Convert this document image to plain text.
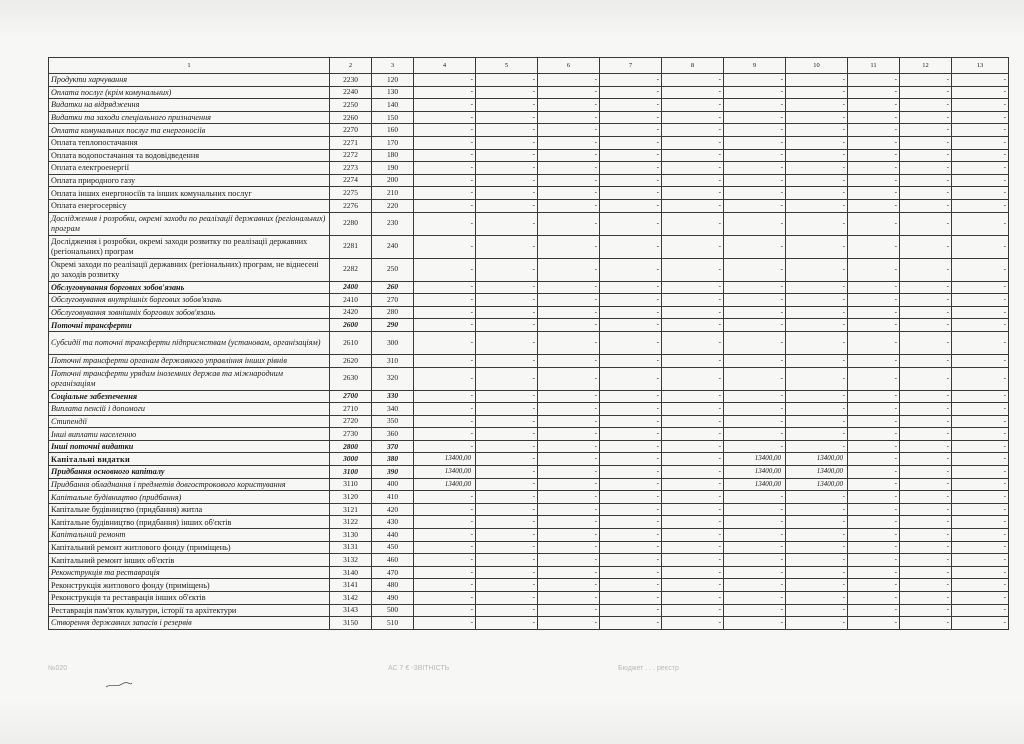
1	2	3	4	5	6	7	8	9	10	11	12	13
Продукти харчування	2230	120	-	-	-	-	-	-	-	-	-	-
Оплата послуг (крім комунальних)	2240	130	-	-	-	-	-	-	-	-	-	-
Видатки на відрядження	2250	140	-	-	-	-	-	-	-	-	-	-
Видатки та заходи спеціального призначення	2260	150	-	-	-	-	-	-	-	-	-	-
Оплата комунальних послуг та енергоносіїв	2270	160	-	-	-	-	-	-	-	-	-	-
Оплата теплопостачання	2271	170	-	-	-	-	-	-	-	-	-	-
Оплата водопостачання та водовідведення	2272	180	-	-	-	-	-	-	-	-	-	-
Оплата електроенергії	2273	190	-	-	-	-	-	-	-	-	-	-
Оплата природного газу	2274	200	-	-	-	-	-	-	-	-	-	-
Оплата інших енергоносіїв та інших комунальних послуг	2275	210	-	-	-	-	-	-	-	-	-	-
Оплата енергосервісу	2276	220	-	-	-	-	-	-	-	-	-	-
Дослідження і розробки, окремі заходи по реалізації державних (регіональних) програм	2280	230	-	-	-	-	-	-	-	-	-	-
Дослідження і розробки, окремі заходи розвитку по реалізації державних (регіональних) програм	2281	240	-	-	-	-	-	-	-	-	-	-
Окремі заходи по реалізації державних (регіональних) програм, не віднесені до заходів розвитку	2282	250	-	-	-	-	-	-	-	-	-	-
Обслуговування боргових зобов'язань	2400	260	-	-	-	-	-	-	-	-	-	-
Обслуговування внутрішніх боргових зобов'язань	2410	270	-	-	-	-	-	-	-	-	-	-
Обслуговування зовнішніх боргових зобов'язань	2420	280	-	-	-	-	-	-	-	-	-	-
Поточні трансферти	2600	290	-	-	-	-	-	-	-	-	-	-
Субсидії та поточні трансферти підприємствам (установам, організаціям)	2610	300	-	-	-	-	-	-	-	-	-	-
Поточні трансферти органам державного управління інших рівнів	2620	310	-	-	-	-	-	-	-	-	-	-
Поточні трансферти урядам іноземних держав та міжнародним організаціям	2630	320	-	-	-	-	-	-	-	-	-	-
Соціальне забезпечення	2700	330	-	-	-	-	-	-	-	-	-	-
Виплата пенсій і допомоги	2710	340	-	-	-	-	-	-	-	-	-	-
Стипендії	2720	350	-	-	-	-	-	-	-	-	-	-
Інші виплати населенню	2730	360	-	-	-	-	-	-	-	-	-	-
Інші поточні видатки	2800	370	-	-	-	-	-	-	-	-	-	-
Капітальні видатки	3000	380	13400,00	-	-	-	-	13400,00	13400,00	-	-	-
Придбання основного капіталу	3100	390	13400,00	-	-	-	-	13400,00	13400,00	-	-	-
Придбання обладнання і предметів довгострокового користування	3110	400	13400,00	-	-	-	-	13400,00	13400,00	-	-	-
Капітальне будівництво (придбання)	3120	410	-	-	-	-	-	-	-	-	-	-
Капітальне будівництво (придбання) житла	3121	420	-	-	-	-	-	-	-	-	-	-
Капітальне будівництво (придбання) інших об'єктів	3122	430	-	-	-	-	-	-	-	-	-	-
Капітальний ремонт	3130	440	-	-	-	-	-	-	-	-	-	-
Капітальний ремонт житлового фонду (приміщень)	3131	450	-	-	-	-	-	-	-	-	-	-
Капітальний ремонт інших об'єктів	3132	460	-	-	-	-	-	-	-	-	-	-
Реконструкція та реставрація	3140	470	-	-	-	-	-	-	-	-	-	-
Реконструкція житлового фонду (приміщень)	3141	480	-	-	-	-	-	-	-	-	-	-
Реконструкція та реставрація інших об'єктів	3142	490	-	-	-	-	-	-	-	-	-	-
Реставрація пам'яток культури, історії та архітектури	3143	500	-	-	-	-	-	-	-	-	-	-
Створення державних запасів і резервів	3150	510	-	-	-	-	-	-	-	-	-	-
№020	АС 7 € -ЗВІТНІСТЬ	Бюджет . . . реєстр
